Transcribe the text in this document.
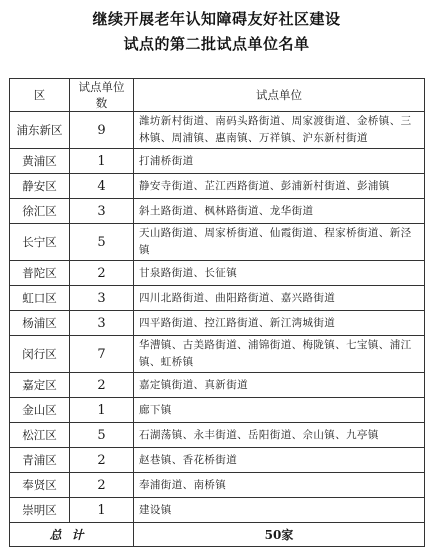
继续开展老年认知障碍友好社区建设
试点的第二批试点单位名单
区	试点单位数	试点单位
浦东新区	9	潍坊新村街道、南码头路街道、周家渡街道、金桥镇、三林镇、周浦镇、惠南镇、万祥镇、沪东新村街道
黄浦区	1	打浦桥街道
静安区	4	静安寺街道、芷江西路街道、彭浦新村街道、彭浦镇
徐汇区	3	斜土路街道、枫林路街道、龙华街道
长宁区	5	天山路街道、周家桥街道、仙霞街道、程家桥街道、新泾镇
普陀区	2	甘泉路街道、长征镇
虹口区	3	四川北路街道、曲阳路街道、嘉兴路街道
杨浦区	3	四平路街道、控江路街道、新江湾城街道
闵行区	7	华漕镇、古美路街道、浦锦街道、梅陇镇、七宝镇、浦江镇、虹桥镇
嘉定区	2	嘉定镇街道、真新街道
金山区	1	廊下镇
松江区	5	石湖荡镇、永丰街道、岳阳街道、佘山镇、九亭镇
青浦区	2	赵巷镇、香花桥街道
奉贤区	2	奉浦街道、南桥镇
崇明区	1	建设镇
总计		50家
